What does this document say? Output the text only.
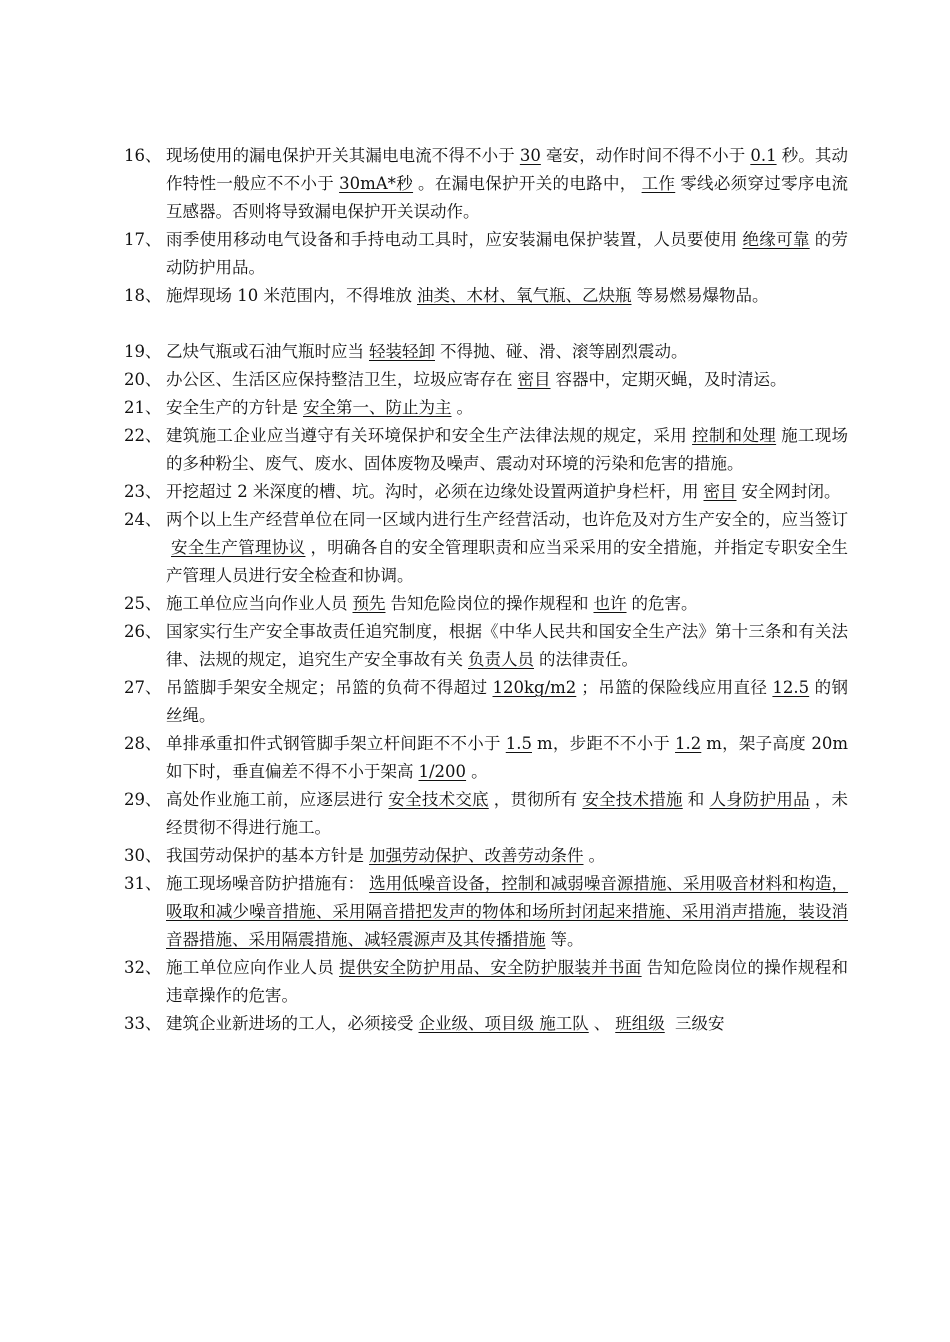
16、 现场使用的漏电保护开关其漏电电流不得不小于 30 毫安，动作时间不得不小于 0.1 秒。其动作特性一般应不不小于 30mA*秒 。在漏电保护开关的电路中， 工作 零线必须穿过零序电流互感器。否则将导致漏电保护开关误动作。
17、 雨季使用移动电气设备和手持电动工具时，应安装漏电保护装置，人员要使用 绝缘可靠 的劳动防护用品。
18、 施焊现场 10 米范围内，不得堆放 油类、木材、氧气瓶、乙炔瓶 等易燃易爆物品。
19、 乙炔气瓶或石油气瓶时应当 轻装轻卸 不得抛、碰、滑、滚等剧烈震动。
20、 办公区、生活区应保持整洁卫生，垃圾应寄存在 密目 容器中，定期灭蝇，及时清运。
21、 安全生产的方针是 安全第一、防止为主 。
22、 建筑施工企业应当遵守有关环境保护和安全生产法律法规的规定，采用 控制和处理 施工现场的多种粉尘、废气、废水、固体废物及噪声、震动对环境的污染和危害的措施。
23、 开挖超过 2 米深度的槽、坑。沟时，必须在边缘处设置两道护身栏杆，用 密目 安全网封闭。
24、 两个以上生产经营单位在同一区域内进行生产经营活动，也许危及对方生产安全的，应当签订安全生产管理协议 ，明确各自的安全管理职责和应当采采用的安全措施，并指定专职安全生产管理人员进行安全检查和协调。
25、 施工单位应当向作业人员 预先 告知危险岗位的操作规程和 也许 的危害。
26、 国家实行生产安全事故责任追究制度，根据《中华人民共和国安全生产法》第十三条和有关法律、法规的规定，追究生产安全事故有关 负责人员 的法律责任。
27、 吊篮脚手架安全规定；吊篮的负荷不得超过 120kg/m2 ；吊篮的保险线应用直径 12.5 的钢丝绳。
28、 单排承重扣件式钢管脚手架立杆间距不不小于 1.5 m，步距不不小于 1.2 m，架子高度 20m 如下时，垂直偏差不得不小于架高 1/200 。
29、 高处作业施工前，应逐层进行 安全技术交底 ，贯彻所有 安全技术措施 和 人身防护用品 ，未经贯彻不得进行施工。
30、 我国劳动保护的基本方针是 加强劳动保护、改善劳动条件 。
31、 施工现场噪音防护措施有： 选用低噪音设备，控制和减弱噪音源措施、采用吸音材料和构造，吸取和减少噪音措施、采用隔音措把发声的物体和场所封闭起来措施、采用消声措施，装设消音器措施、采用隔震措施、减轻震源声及其传播措施 等。
32、 施工单位应向作业人员 提供安全防护用品、安全防护服装并书面 告知危险岗位的操作规程和违章操作的危害。
33、 建筑企业新进场的工人，必须接受 企业级、项目级 施工队 、 班组级 三级安
